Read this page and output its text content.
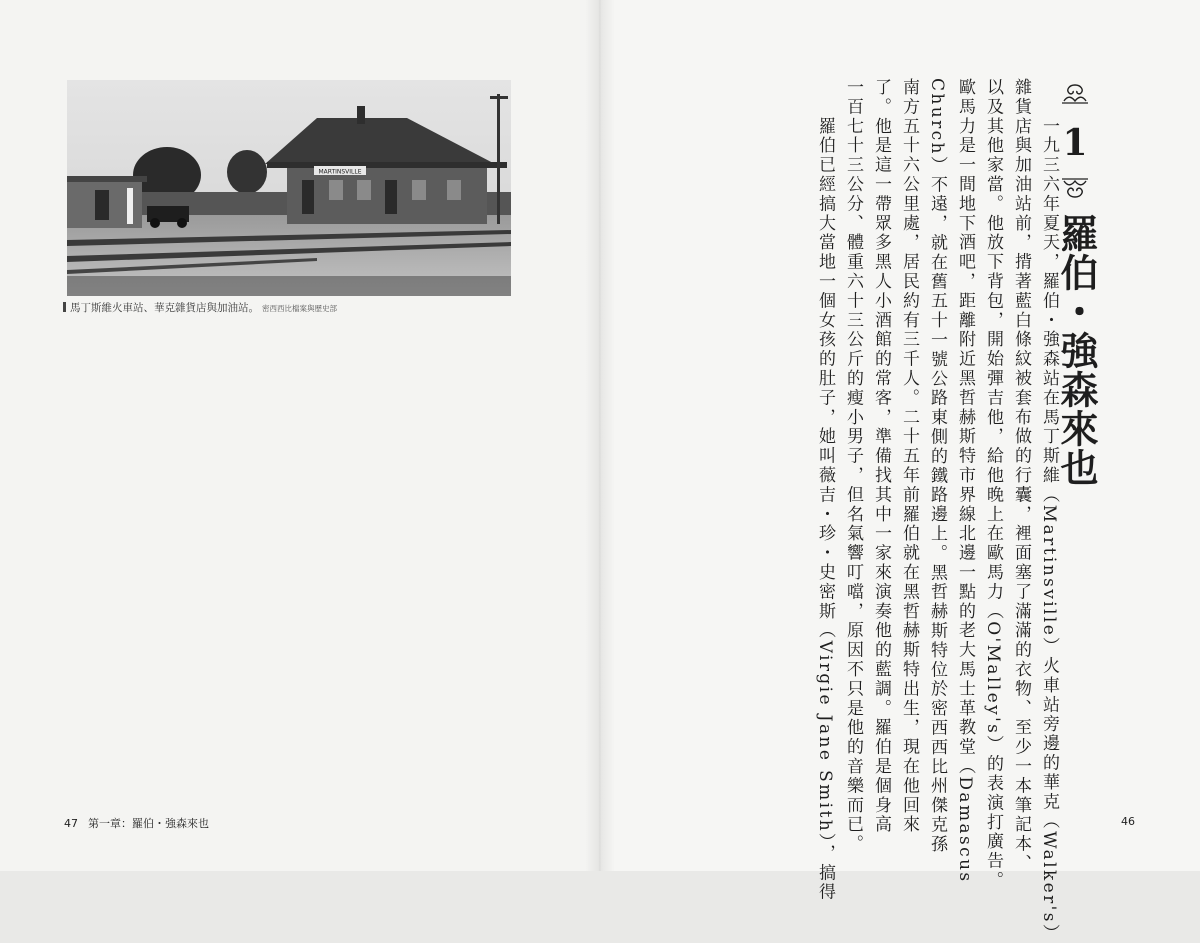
MARTINSVILLE
馬丁斯維火車站、華克雜貨店與加油站。 密西西比檔案與歷史部
47 第一章：羅伯・強森來也	　　一九三六年夏天，羅伯・強森站在馬丁斯維（Martinsville）火車站旁邊的華克（Walker's）
雜貨店與加油站前，揹著藍白條紋被套布做的行囊，裡面塞了滿滿的衣物、至少一本筆記本、
以及其他家當。他放下背包，開始彈吉他，給他晚上在歐馬力（O'Malley's）的表演打廣告。
歐馬力是一間地下酒吧，距離附近黑哲赫斯特市界線北邊一點的老大馬士革教堂（Damascus
Church）不遠，就在舊五十一號公路東側的鐵路邊上。黑哲赫斯特位於密西西比州傑克孫
南方五十六公里處，居民約有三千人。二十五年前羅伯就在黑哲赫斯特出生，現在他回來
了。他是這一帶眾多黑人小酒館的常客，準備找其中一家來演奏他的藍調。羅伯是個身高
一百七十三公分、體重六十三公斤的瘦小男子，但名氣響叮噹，原因不只是他的音樂而已。
　　羅伯已經搞大當地一個女孩的肚子，她叫薇吉・珍・史密斯（Virgie Jane Smith），搞得	1
羅伯・強森來也
46
